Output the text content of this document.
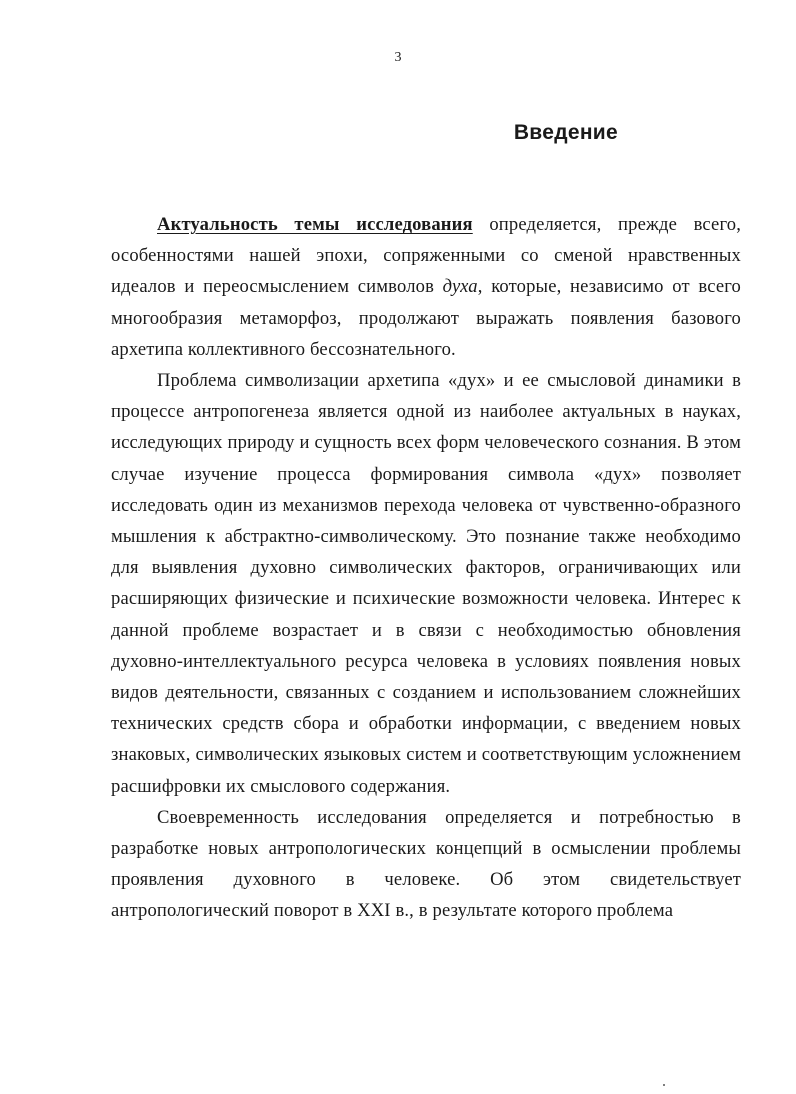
3
Введение

Актуальность темы исследования определяется, прежде всего, особенностями нашей эпохи, сопряженными со сменой нравственных идеалов и переосмыслением символов духа, которые, независимо от всего многообразия метаморфоз, продолжают выражать появления базового архетипа коллективного бессознательного.

Проблема символизации архетипа «дух» и ее смысловой динамики в процессе антропогенеза является одной из наиболее актуальных в науках, исследующих природу и сущность всех форм человеческого сознания. В этом случае изучение процесса формирования символа «дух» позволяет исследовать один из механизмов перехода человека от чувственно-образного мышления к абстрактно-символическому. Это познание также необходимо для выявления духовно символических факторов, ограничивающих или расширяющих физические и психические возможности человека. Интерес к данной проблеме возрастает и в связи с необходимостью обновления духовно-интеллектуального ресурса человека в условиях появления новых видов деятельности, связанных с созданием и использованием сложнейших технических средств сбора и обработки информации, с введением новых знаковых, символических языковых систем и соответствующим усложнением расшифровки их смыслового содержания.

Своевременность исследования определяется и потребностью в разработке новых антропологических концепций в осмыслении проблемы проявления духовного в человеке. Об этом свидетельствует антропологический поворот в XXI в., в результате которого проблема
